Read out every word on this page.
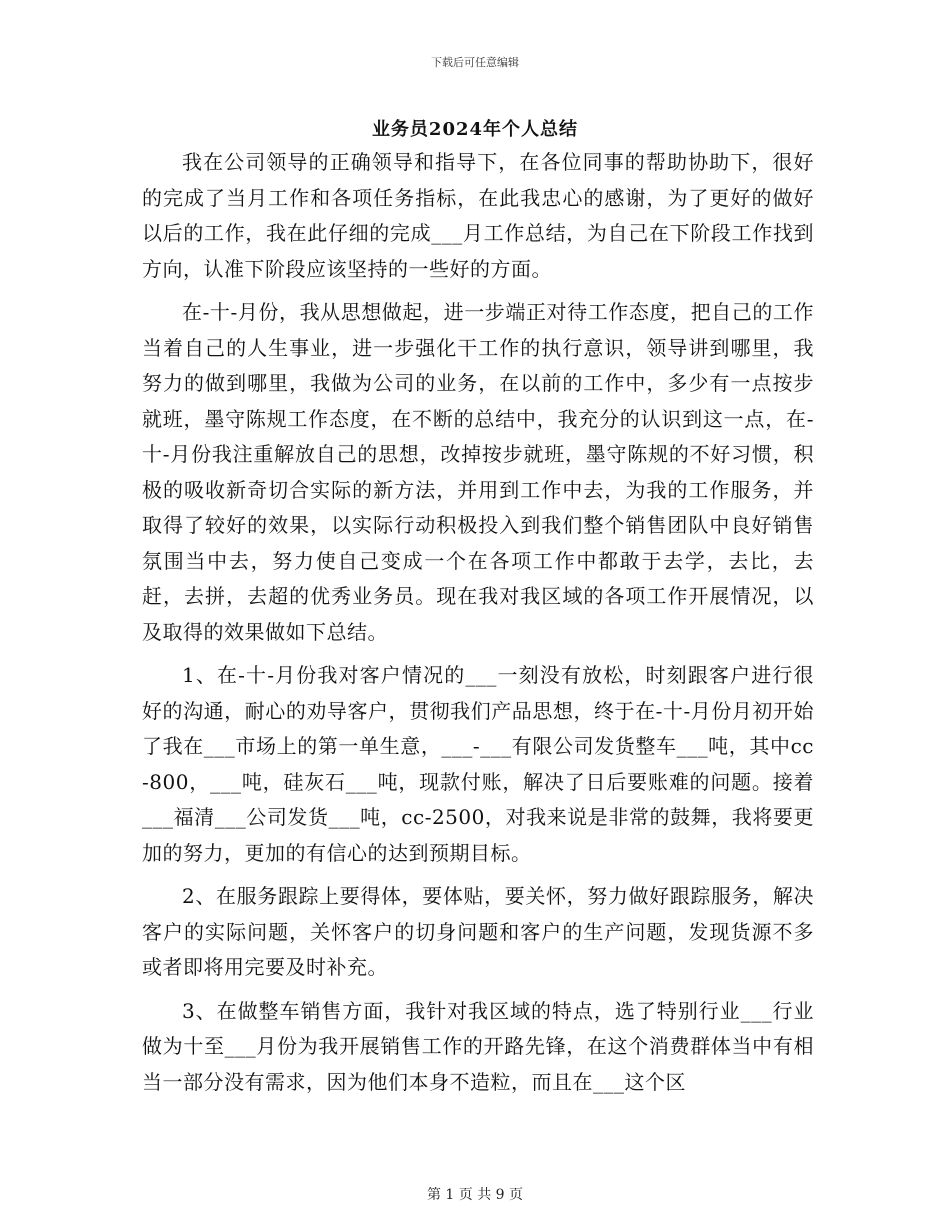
下载后可任意编辑
业务员2024年个人总结

我在公司领导的正确领导和指导下，在各位同事的帮助协助下，很好的完成了当月工作和各项任务指标，在此我忠心的感谢，为了更好的做好以后的工作，我在此仔细的完成___月工作总结，为自己在下阶段工作找到方向，认准下阶段应该坚持的一些好的方面。

在-十-月份，我从思想做起，进一步端正对待工作态度，把自己的工作当着自己的人生事业，进一步强化干工作的执行意识，领导讲到哪里，我努力的做到哪里，我做为公司的业务，在以前的工作中，多少有一点按步就班，墨守陈规工作态度，在不断的总结中，我充分的认识到这一点，在-十-月份我注重解放自己的思想，改掉按步就班，墨守陈规的不好习惯，积极的吸收新奇切合实际的新方法，并用到工作中去，为我的工作服务，并取得了较好的效果，以实际行动积极投入到我们整个销售团队中良好销售氛围当中去，努力使自己变成一个在各项工作中都敢于去学，去比，去赶，去拼，去超的优秀业务员。现在我对我区域的各项工作开展情况，以及取得的效果做如下总结。

1、在-十-月份我对客户情况的___一刻没有放松，时刻跟客户进行很好的沟通，耐心的劝导客户，贯彻我们产品思想，终于在-十-月份月初开始了我在___市场上的第一单生意，___-___有限公司发货整车___吨，其中cc-800，___吨，硅灰石___吨，现款付账，解决了日后要账难的问题。接着___福清___公司发货___吨，cc-2500，对我来说是非常的鼓舞，我将要更加的努力，更加的有信心的达到预期目标。

2、在服务跟踪上要得体，要体贴，要关怀，努力做好跟踪服务，解决客户的实际问题，关怀客户的切身问题和客户的生产问题，发现货源不多或者即将用完要及时补充。

3、在做整车销售方面，我针对我区域的特点，选了特别行业___行业做为十至___月份为我开展销售工作的开路先锋，在这个消费群体当中有相当一部分没有需求，因为他们本身不造粒，而且在___这个区

第 1 页 共 9 页
